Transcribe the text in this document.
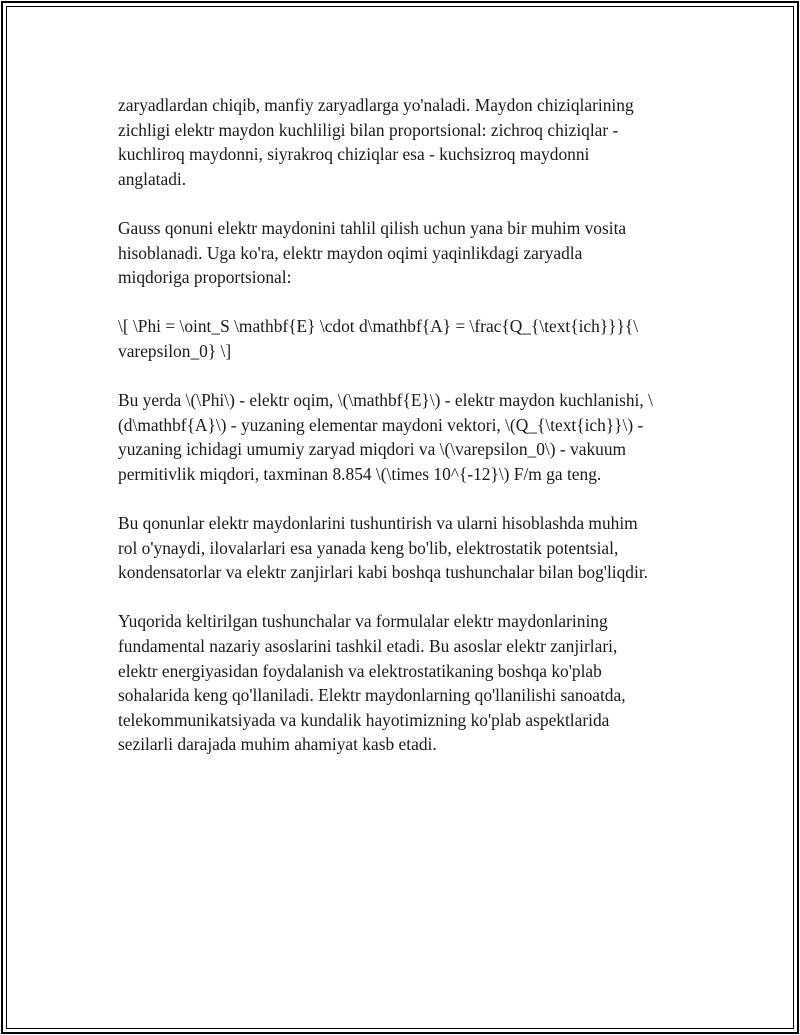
zaryadlardan chiqib, manfiy zaryadlarga yo'naladi. Maydon chiziqlarining
zichligi elektr maydon kuchliligi bilan proportsional: zichroq chiziqlar -
kuchliroq maydonni, siyrakroq chiziqlar esa - kuchsizroq maydonni
anglatadi.

Gauss qonuni elektr maydonini tahlil qilish uchun yana bir muhim vosita
hisoblanadi. Uga ko'ra, elektr maydon oqimi yaqinlikdagi zaryadla
miqdoriga proportsional:

\[ \Phi = \oint_S \mathbf{E} \cdot d\mathbf{A} = \frac{Q_{\text{ich}}}{\
varepsilon_0} \]

Bu yerda \(\Phi\) - elektr oqim, \(\mathbf{E}\) - elektr maydon kuchlanishi, \
(d\mathbf{A}\) - yuzaning elementar maydoni vektori, \(Q_{\text{ich}}\) -
yuzaning ichidagi umumiy zaryad miqdori va \(\varepsilon_0\) - vakuum
permitivlik miqdori, taxminan 8.854 \(\times 10^{-12}\) F/m ga teng.

Bu qonunlar elektr maydonlarini tushuntirish va ularni hisoblashda muhim
rol o'ynaydi, ilovalarlari esa yanada keng bo'lib, elektrostatik potentsial,
kondensatorlar va elektr zanjirlari kabi boshqa tushunchalar bilan bog'liqdir.

Yuqorida keltirilgan tushunchalar va formulalar elektr maydonlarining
fundamental nazariy asoslarini tashkil etadi. Bu asoslar elektr zanjirlari,
elektr energiyasidan foydalanish va elektrostatikaning boshqa ko'plab
sohalarida keng qo'llaniladi. Elektr maydonlarning qo'llanilishi sanoatda,
telekommunikatsiyada va kundalik hayotimizning ko'plab aspektlarida
sezilarli darajada muhim ahamiyat kasb etadi.
